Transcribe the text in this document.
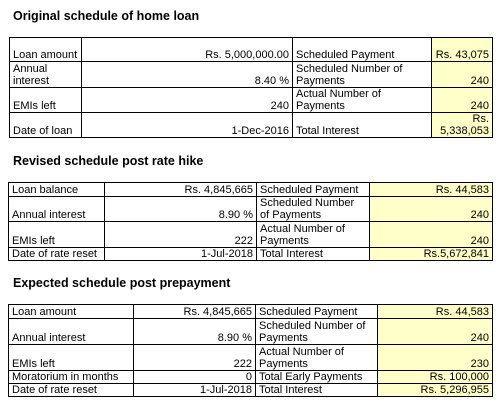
Original schedule of home loan
Loan amount	Rs. 5,000,000.00	Scheduled Payment	Rs. 43,075
Annual interest	8.40 %	Scheduled Number of Payments	240
EMIs left	240	Actual Number of Payments	240
Date of loan	1-Dec-2016	Total Interest	Rs. 5,338,053
Revised schedule post rate hike
Loan balance	Rs. 4,845,665	Scheduled Payment	Rs. 44,583
Annual interest	8.90 %	Scheduled Number of Payments	240
EMIs left	222	Actual Number of Payments	240
Date of rate reset	1-Jul-2018	Total Interest	Rs.5,672,841
Expected schedule post prepayment
Loan amount	Rs. 4,845,665	Scheduled Payment	Rs. 44,583
Annual interest	8.90 %	Scheduled Number of Payments	240
EMIs left	222	Actual Number of Payments	230
Moratorium in months	0	Total Early Payments	Rs. 100,000
Date of rate reset	1-Jul-2018	Total Interest	Rs. 5,296,955
